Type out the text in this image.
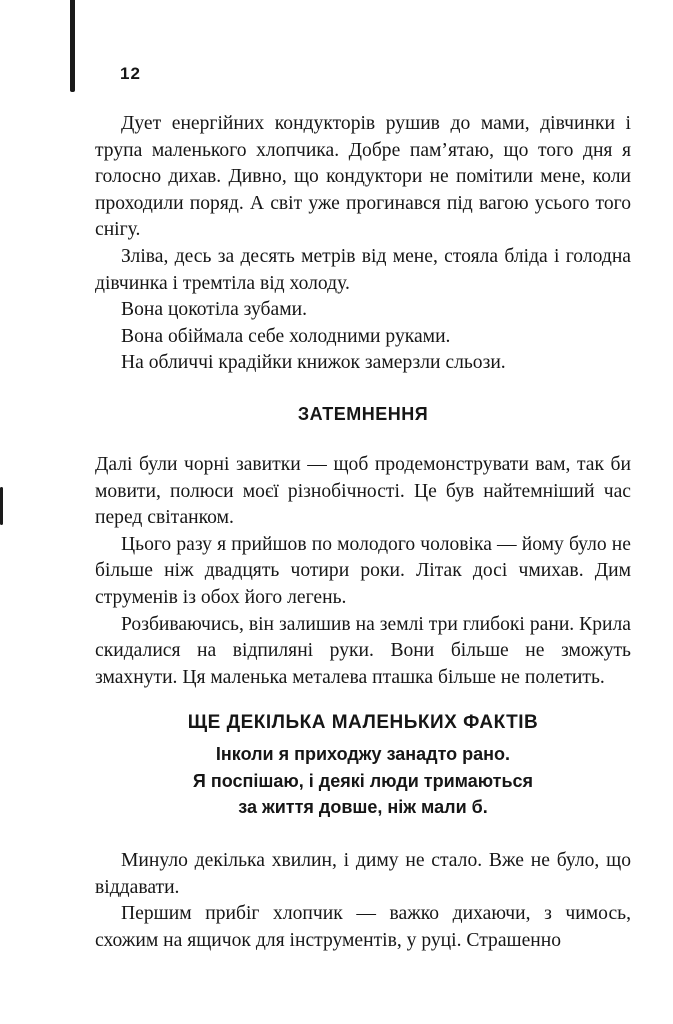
12

Дует енергійних кондукторів рушив до мами, дівчинки і трупа маленького хлопчика. Добре пам’ятаю, що того дня я голосно дихав. Дивно, що кондуктори не помітили мене, коли проходили поряд. А світ уже прогинався під вагою усього того снігу.

Зліва, десь за десять метрів від мене, стояла бліда і голодна дівчинка і тремтіла від холоду.

Вона цокотіла зубами.

Вона обіймала себе холодними руками.

На обличчі крадійки книжок замерзли сльози.

ЗАТЕМНЕННЯ

Далі були чорні завитки — щоб продемонструвати вам, так би мовити, полюси моєї різнобічності. Це був найтемніший час перед світанком.

Цього разу я прийшов по молодого чоловіка — йому було не більше ніж двадцять чотири роки. Літак досі чмихав. Дим струменів із обох його легень.

Розбиваючись, він залишив на землі три глибокі рани. Крила скидалися на відпиляні руки. Вони більше не зможуть змахнути. Ця маленька металева пташка більше не полетить.

ЩЕ ДЕКІЛЬКА МАЛЕНЬКИХ ФАКТІВ
Інколи я приходжу занадто рано.
Я поспішаю, і деякі люди тримаються
за життя довше, ніж мали б.

Минуло декілька хвилин, і диму не стало. Вже не було, що віддавати.

Першим прибіг хлопчик — важко дихаючи, з чимось, схожим на ящичок для інструментів, у руці. Страшенно
